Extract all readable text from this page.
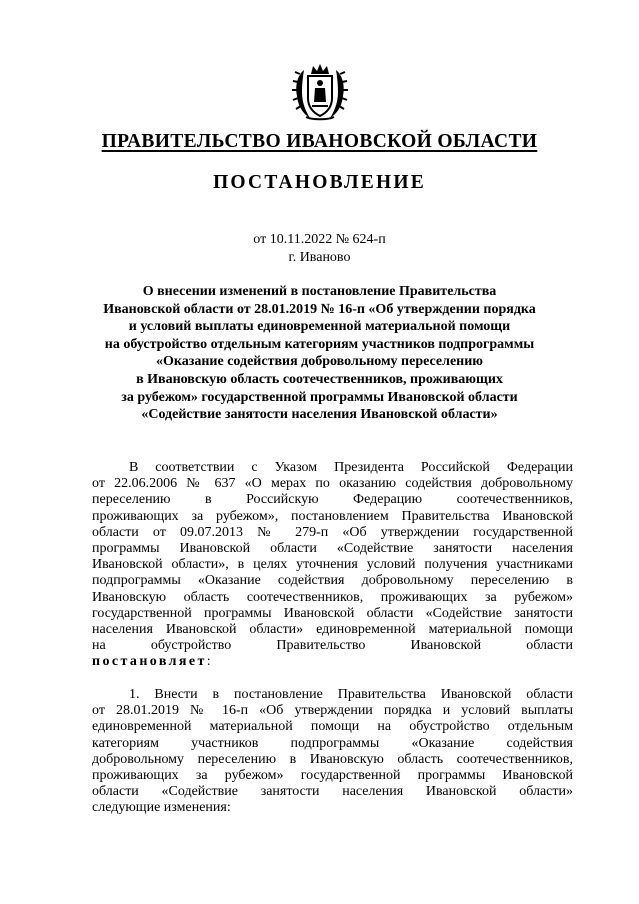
ПРАВИТЕЛЬСТВО ИВАНОВСКОЙ ОБЛАСТИ
ПОСТАНОВЛЕНИЕ
от 10.11.2022 № 624-п
г. Иваново
О внесении изменений в постановление Правительства
Ивановской области от 28.01.2019 № 16-п «Об утверждении порядка
и условий выплаты единовременной материальной помощи
на обустройство отдельным категориям участников подпрограммы
«Оказание содействия добровольному переселению
в Ивановскую область соотечественников, проживающих
за рубежом» государственной программы Ивановской области
«Содействие занятости населения Ивановской области»
В соответствии с Указом Президента Российской Федерации
от 22.06.2006 № 637 «О мерах по оказанию содействия добровольному
переселению в Российскую Федерацию соотечественников,
проживающих за рубежом», постановлением Правительства Ивановской
области от 09.07.2013 № 279-п «Об утверждении государственной
программы Ивановской области «Содействие занятости населения
Ивановской области», в целях уточнения условий получения участниками
подпрограммы «Оказание содействия добровольному переселению в
Ивановскую область соотечественников, проживающих за рубежом»
государственной программы Ивановской области «Содействие занятости
населения Ивановской области» единовременной материальной помощи
на обустройство Правительство Ивановской области
постановляет:
1. Внести в постановление Правительства Ивановской области
от 28.01.2019 № 16-п «Об утверждении порядка и условий выплаты
единовременной материальной помощи на обустройство отдельным
категориям участников подпрограммы «Оказание содействия
добровольному переселению в Ивановскую область соотечественников,
проживающих за рубежом» государственной программы Ивановской
области «Содействие занятости населения Ивановской области»
следующие изменения:
